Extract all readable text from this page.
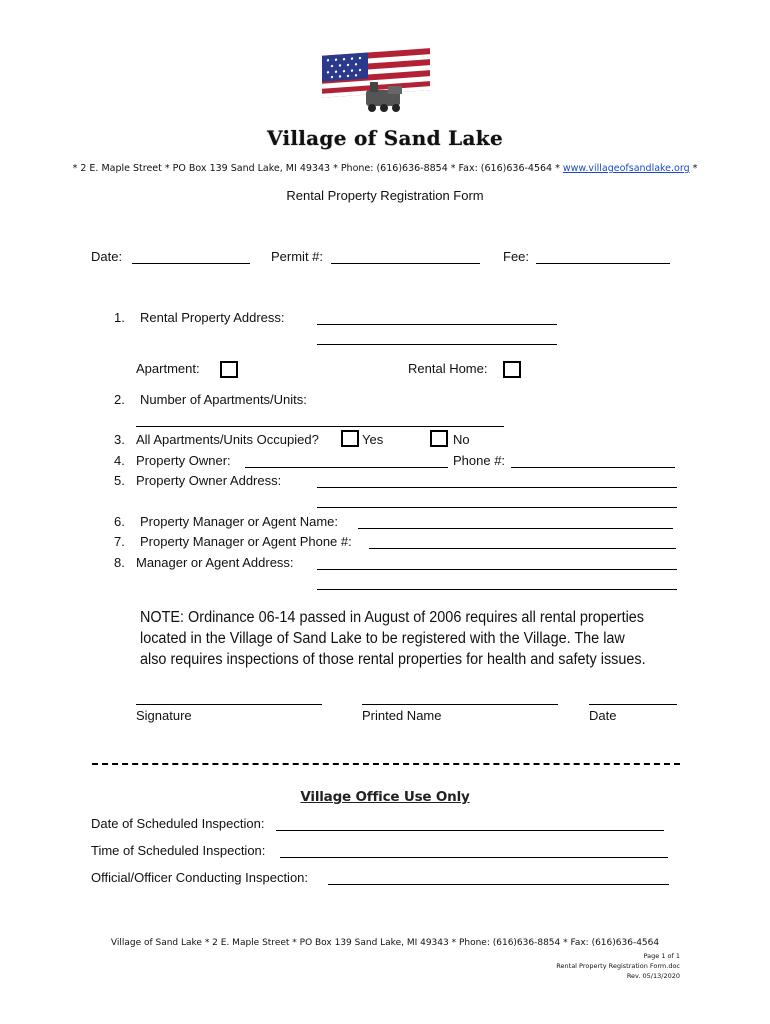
Village of Sand Lake
* 2 E. Maple Street * PO Box 139 Sand Lake, MI 49343 * Phone: (616)636-8854 * Fax: (616)636-4564 * www.villageofsandlake.org *
Rental Property Registration Form
Date:	Permit #:	Fee:
1. Rental Property Address:
Apartment:	Rental Home:
2. Number of Apartments/Units:
3. All Apartments/Units Occupied?	Yes	No
4. Property Owner:	Phone #:
5. Property Owner Address:
6. Property Manager or Agent Name:
7. Property Manager or Agent Phone #:
8. Manager or Agent Address:
NOTE: Ordinance 06-14 passed in August of 2006 requires all rental properties
located in the Village of Sand Lake to be registered with the Village. The law
also requires inspections of those rental properties for health and safety issues.
Signature	Printed Name	Date
Village Office Use Only
Date of Scheduled Inspection:
Time of Scheduled Inspection:
Official/Officer Conducting Inspection:
Village of Sand Lake * 2 E. Maple Street * PO Box 139 Sand Lake, MI 49343 * Phone: (616)636-8854 * Fax: (616)636-4564
Page 1 of 1
Rental Property Registration Form.doc
Rev. 05/13/2020
